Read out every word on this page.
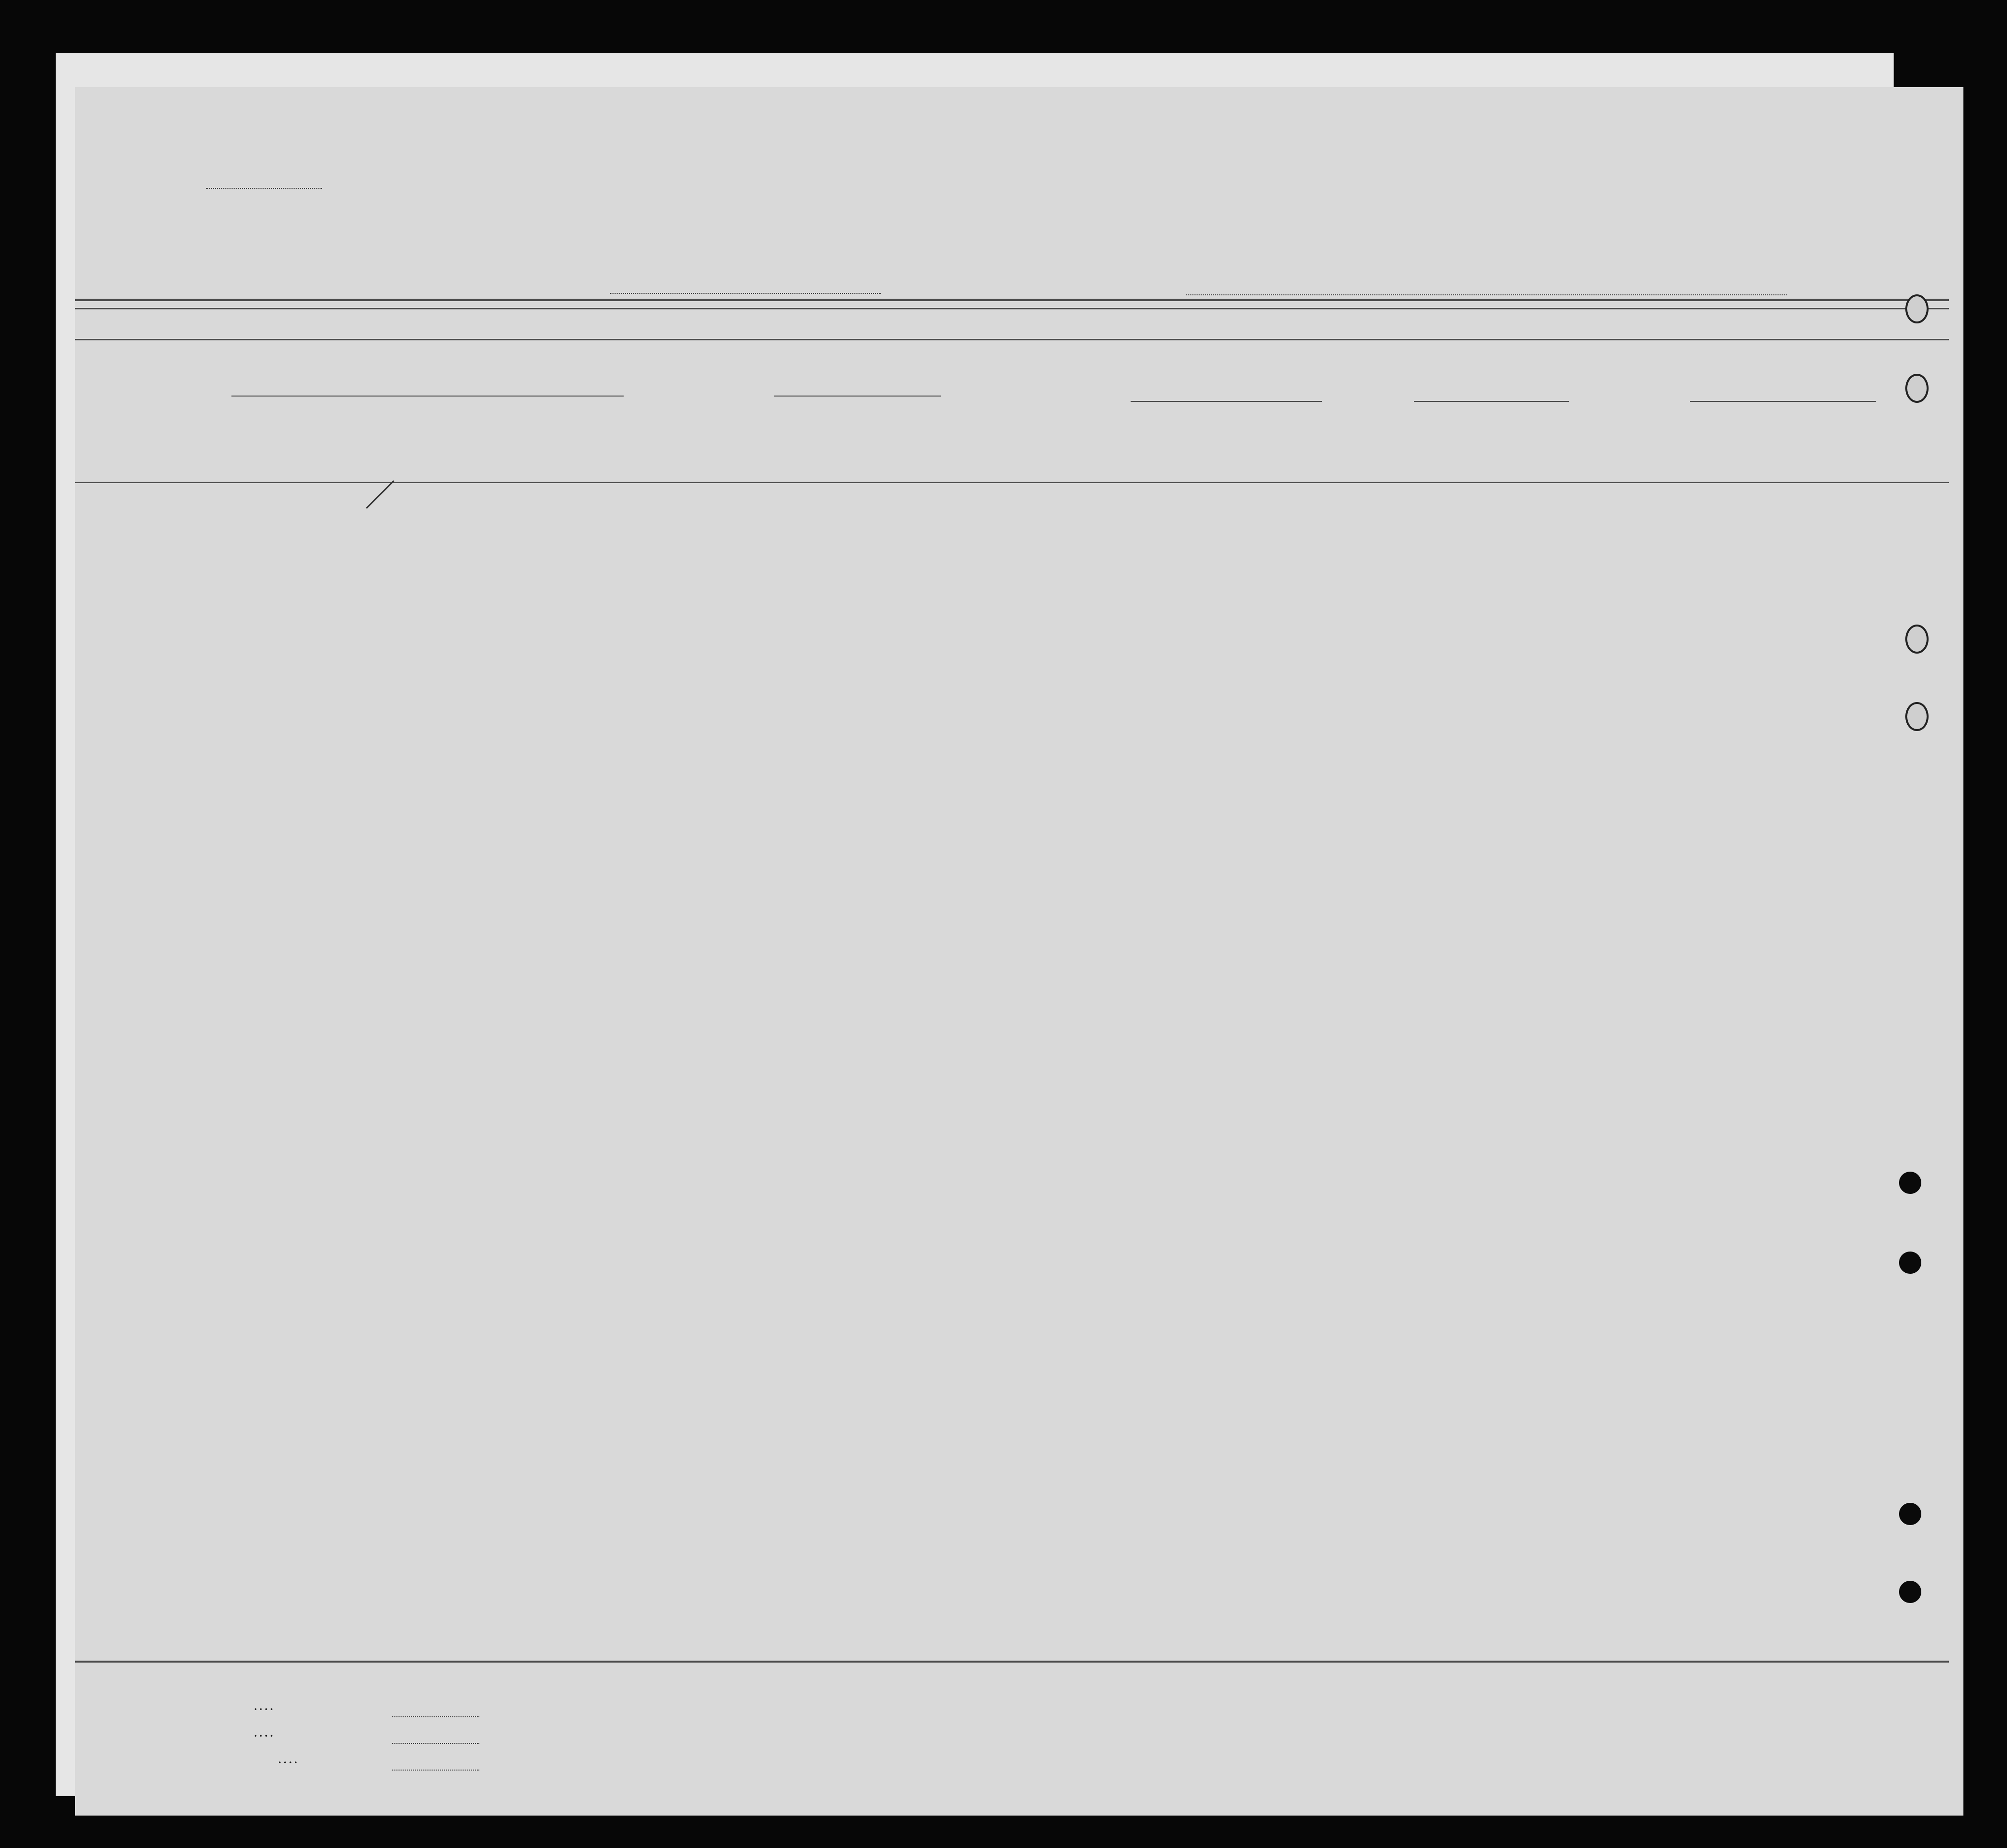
. . . .
. . . .
. . . .
